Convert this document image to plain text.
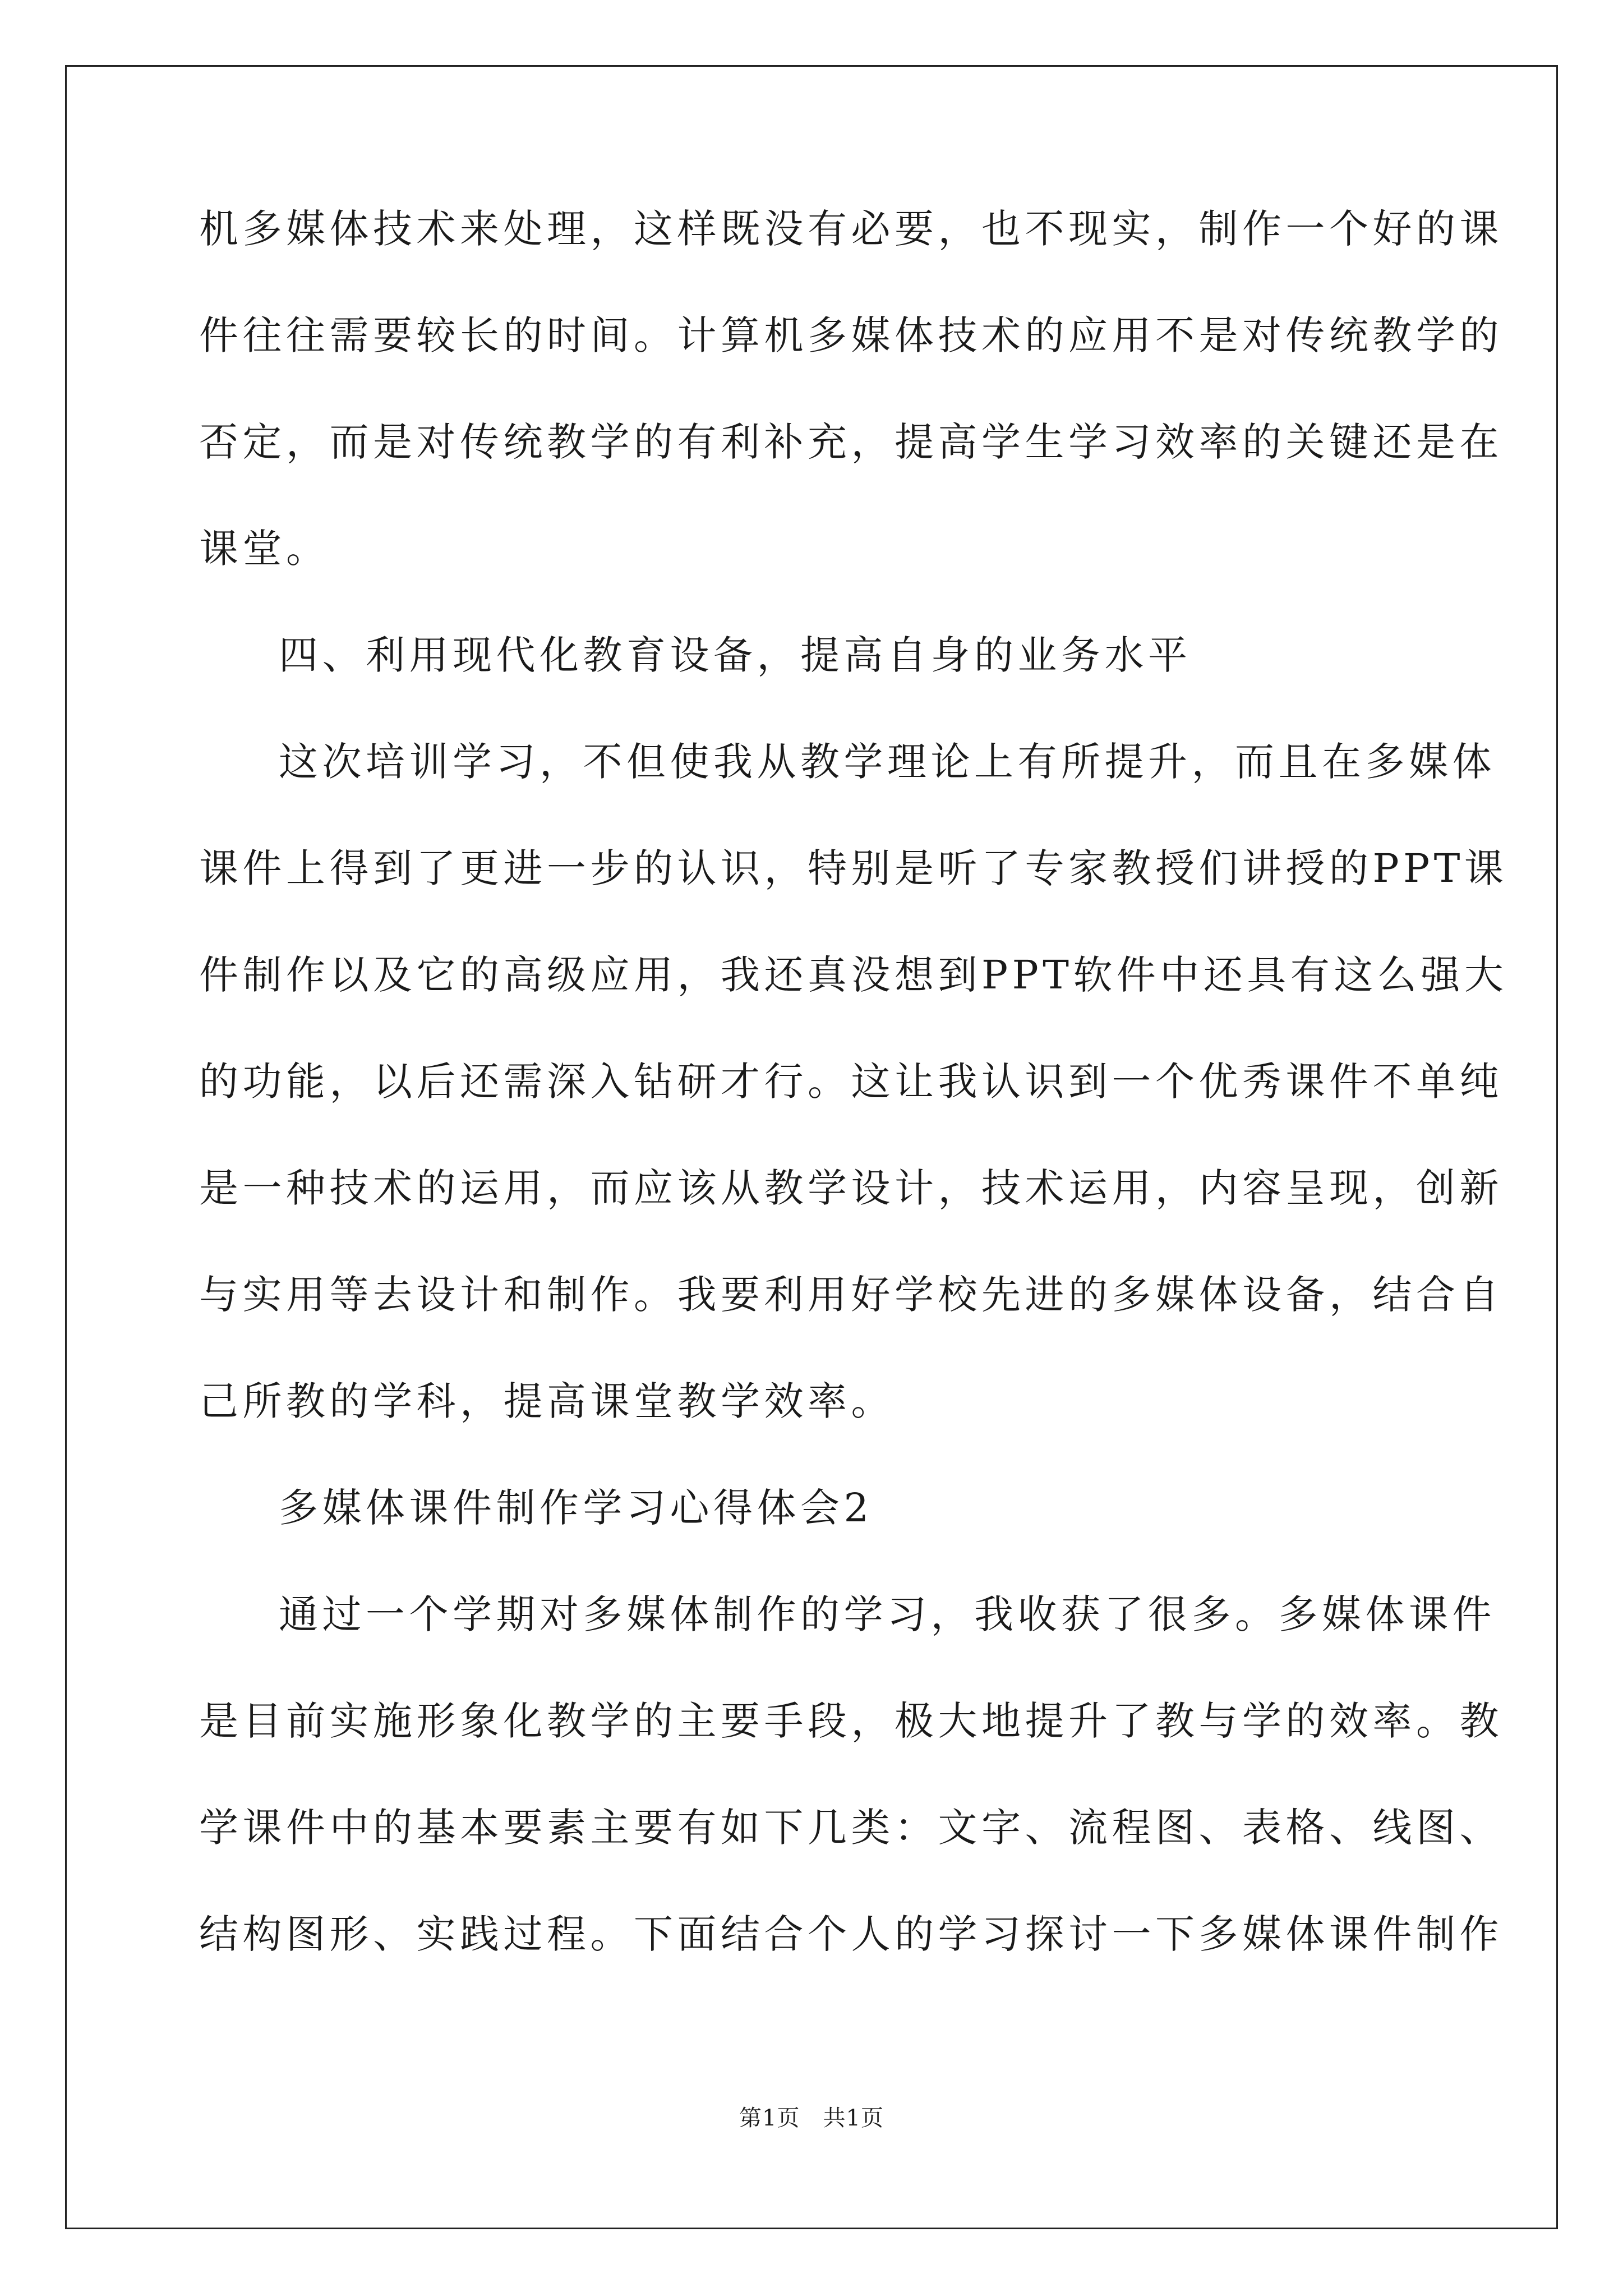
机多媒体技术来处理，这样既没有必要，也不现实，制作一个好的课
件往往需要较长的时间。计算机多媒体技术的应用不是对传统教学的
否定，而是对传统教学的有利补充，提高学生学习效率的关键还是在
课堂。
四、利用现代化教育设备，提高自身的业务水平
这次培训学习，不但使我从教学理论上有所提升，而且在多媒体
课件上得到了更进一步的认识，特别是听了专家教授们讲授的PPT课
件制作以及它的高级应用，我还真没想到PPT软件中还具有这么强大
的功能，以后还需深入钻研才行。这让我认识到一个优秀课件不单纯
是一种技术的运用，而应该从教学设计，技术运用，内容呈现，创新
与实用等去设计和制作。我要利用好学校先进的多媒体设备，结合自
己所教的学科，提高课堂教学效率。
多媒体课件制作学习心得体会2
通过一个学期对多媒体制作的学习，我收获了很多。多媒体课件
是目前实施形象化教学的主要手段，极大地提升了教与学的效率。教
学课件中的基本要素主要有如下几类：文字、流程图、表格、线图、
结构图形、实践过程。下面结合个人的学习探讨一下多媒体课件制作
第1页　共1页
